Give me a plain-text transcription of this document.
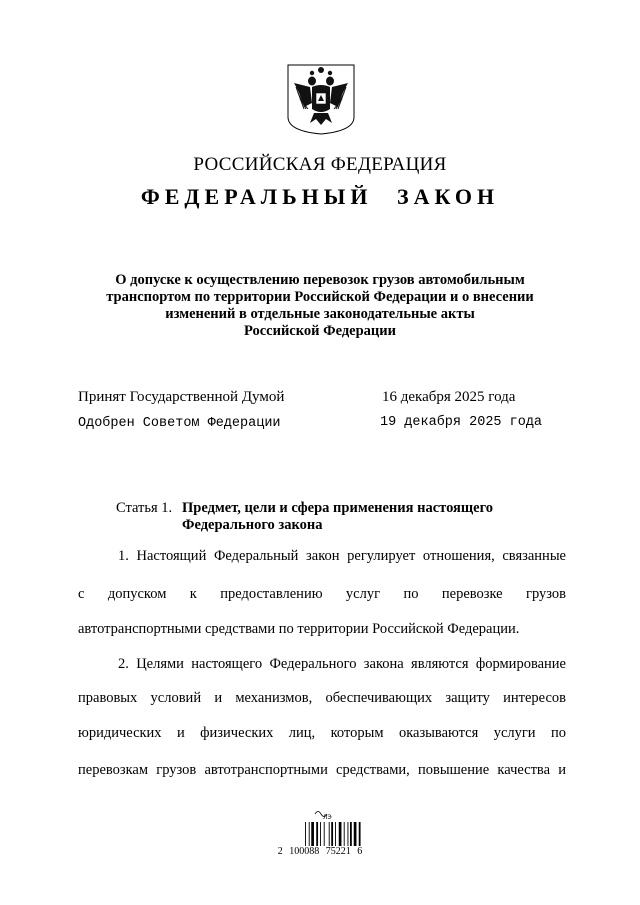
РОССИЙСКАЯ ФЕДЕРАЦИЯ
ФЕДЕРАЛЬНЫЙ ЗАКОН
О допуске к осуществлению перевозок грузов автомобильным
транспортом по территории Российской Федерации и о внесении
изменений в отдельные законодательные акты
Российской Федерации
Принят Государственной Думой	16 декабря 2025 года
Одобрен Советом Федерации	19 декабря 2025 года
Статья 1. Предмет, цели и сфера применения настоящего
Федерального закона
1. Настоящий Федеральный закон регулирует отношения, связанные
с допуском к предоставлению услуг по перевозке грузов
автотранспортными средствами по территории Российской Федерации.
2. Целями настоящего Федерального закона являются формирование
правовых условий и механизмов, обеспечивающих защиту интересов
юридических и физических лиц, которым оказываются услуги по
перевозкам грузов автотранспортными средствами, повышение качества и
ЛЭ
2 100088 75221 6
